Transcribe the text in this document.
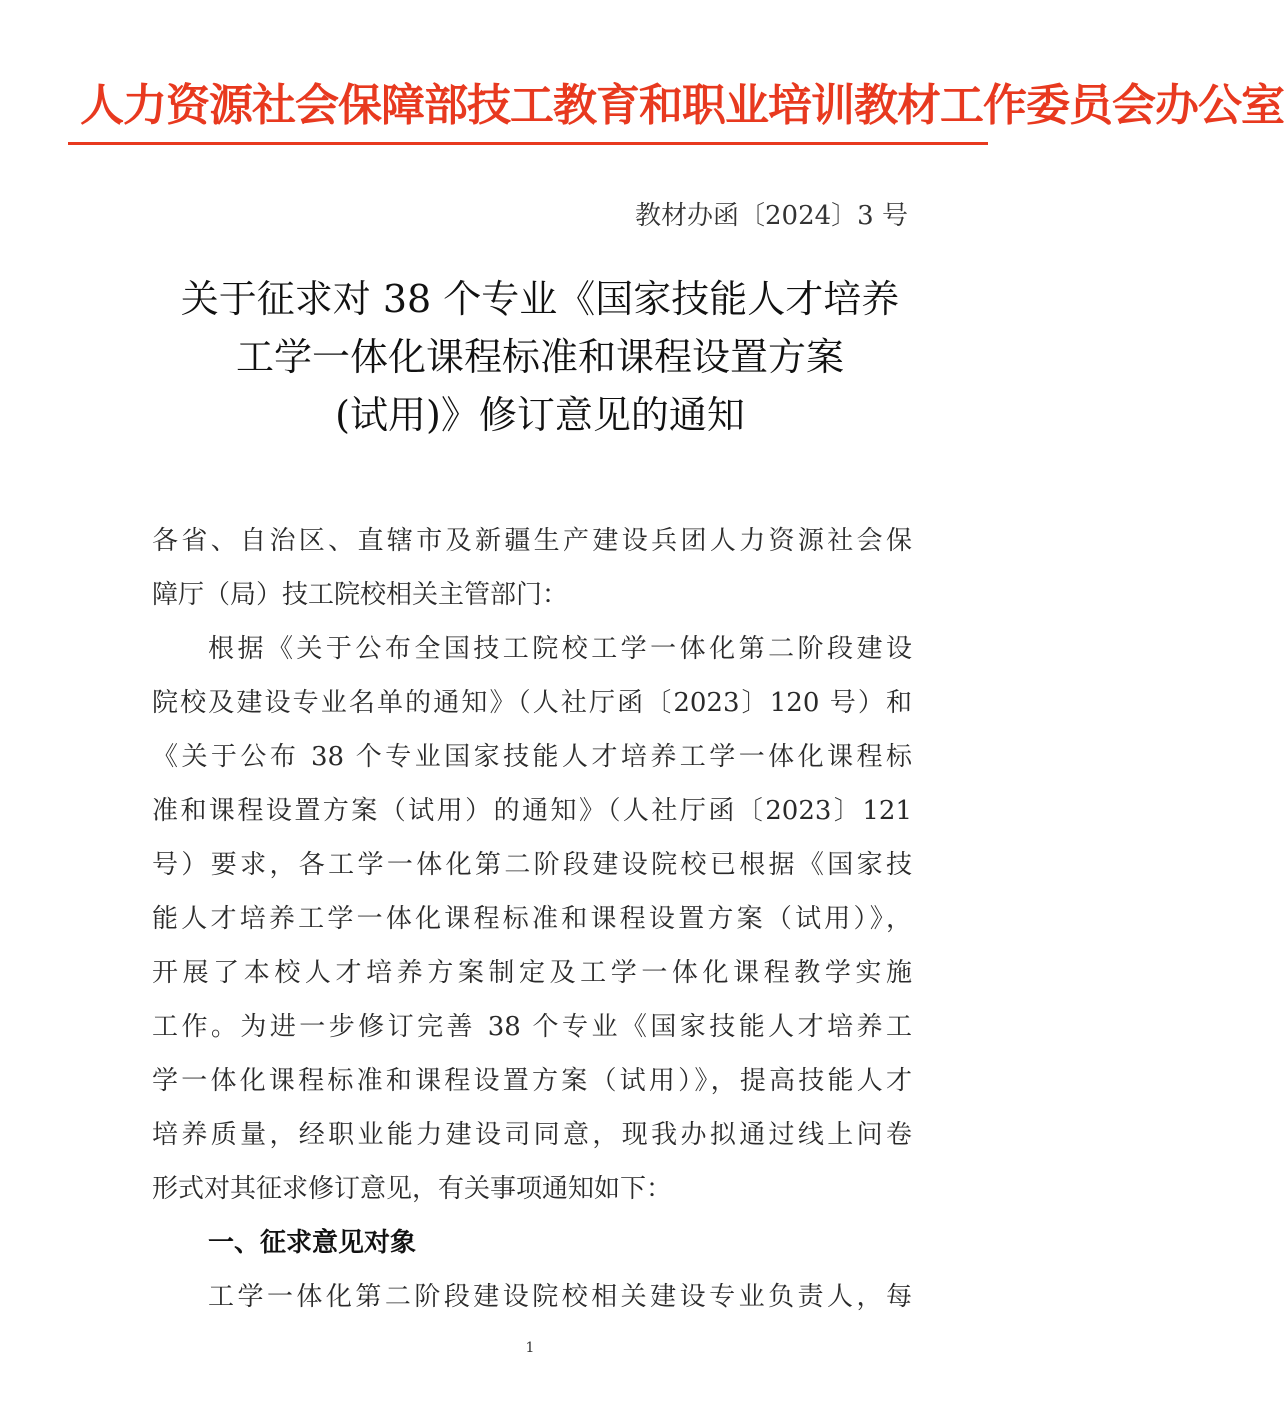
人力资源社会保障部技工教育和职业培训教材工作委员会办公室
教材办函〔2024〕3 号
关于征求对 38 个专业《国家技能人才培养
工学一体化课程标准和课程设置方案
(试用)》修订意见的通知
各省、自治区、直辖市及新疆生产建设兵团人力资源社会保
障厅（局）技工院校相关主管部门：
根据《关于公布全国技工院校工学一体化第二阶段建设
院校及建设专业名单的通知》（人社厅函〔2023〕120 号）和
《关于公布 38 个专业国家技能人才培养工学一体化课程标
准和课程设置方案（试用）的通知》（人社厅函〔2023〕121
号）要求，各工学一体化第二阶段建设院校已根据《国家技
能人才培养工学一体化课程标准和课程设置方案（试用）》，
开展了本校人才培养方案制定及工学一体化课程教学实施
工作。为进一步修订完善 38 个专业《国家技能人才培养工
学一体化课程标准和课程设置方案（试用）》，提高技能人才
培养质量，经职业能力建设司同意，现我办拟通过线上问卷
形式对其征求修订意见，有关事项通知如下：
一、征求意见对象
工学一体化第二阶段建设院校相关建设专业负责人，每
1
